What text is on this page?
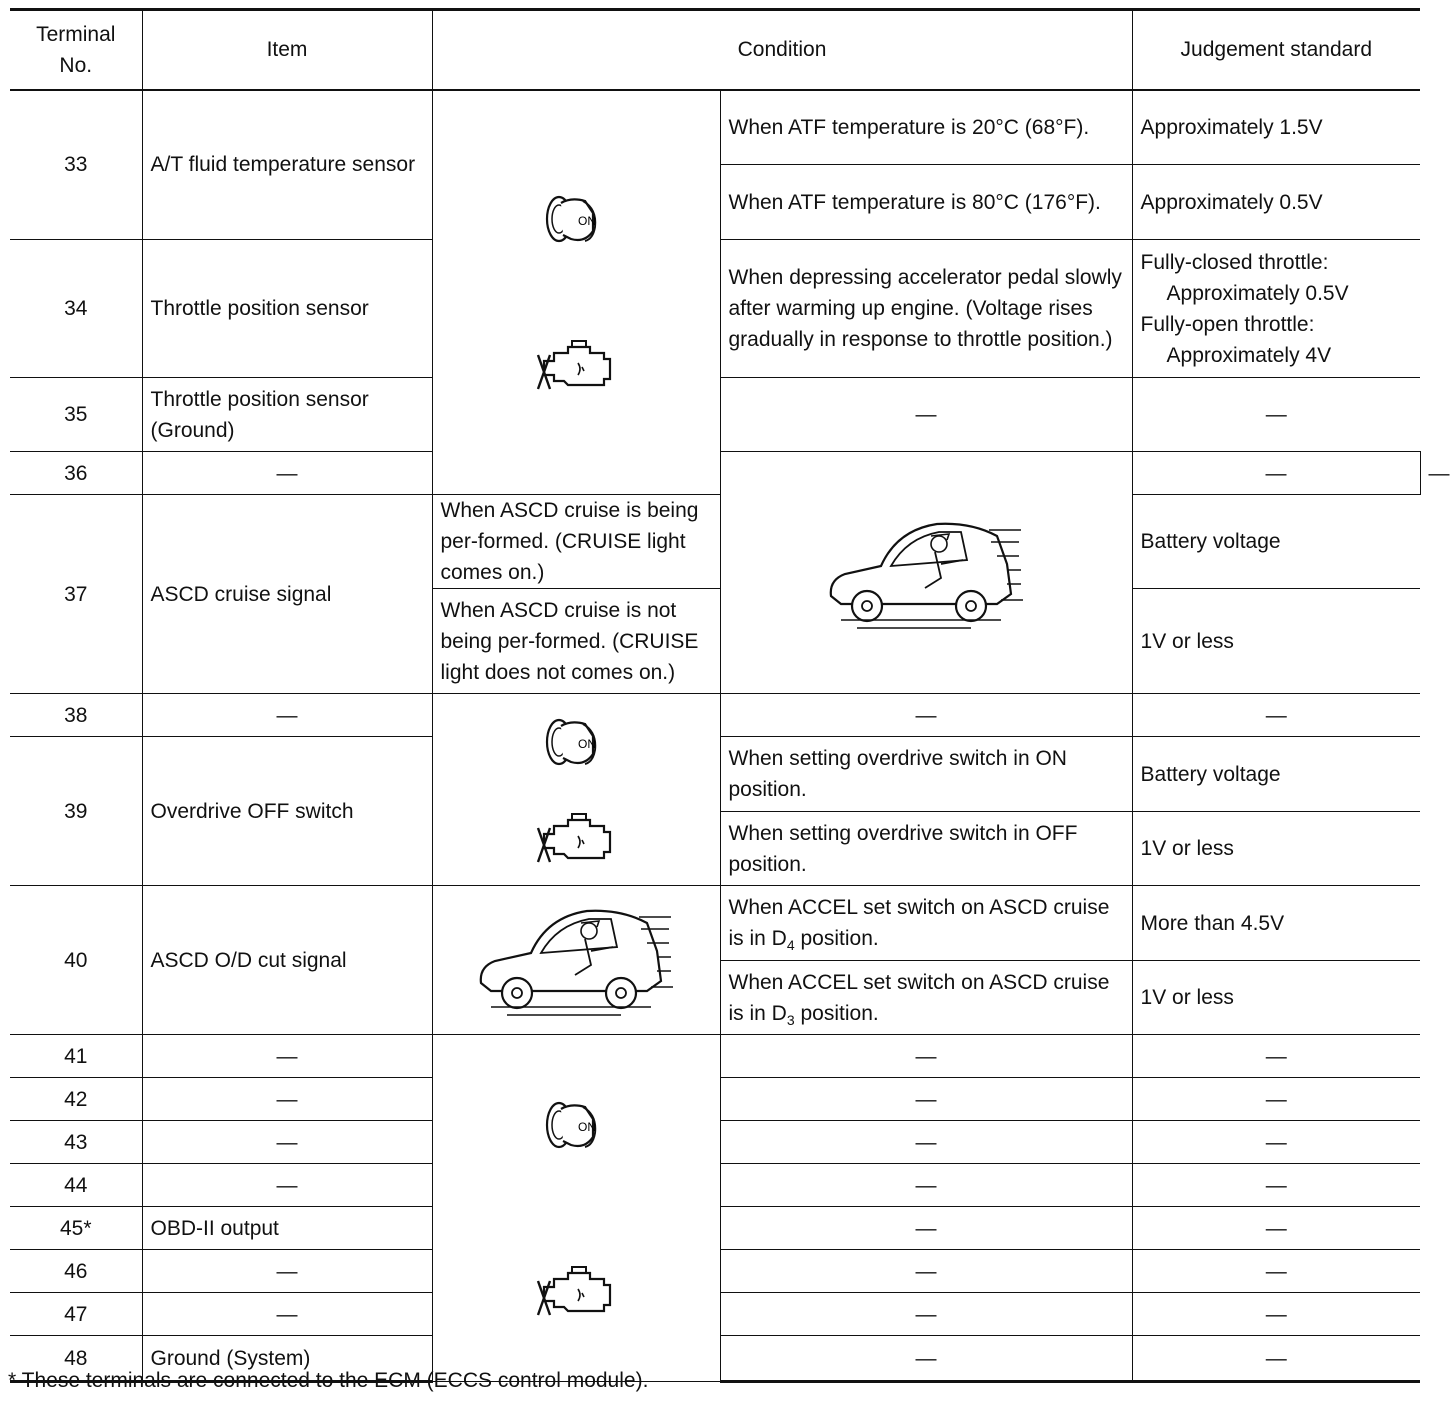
Terminal No.	Item	Condition		Judgement standard	
33	A/T fluid temperature sensor	ON	When ATF temperature is 20°C (68°F).	Approximately 1.5V	
			When ATF temperature is 80°C (176°F).	Approximately 0.5V	
34	Throttle position sensor		When depressing accelerator pedal slowly after warming up engine. (Voltage rises gradually in response to throttle position.)	Fully-closed throttle:
Approximately 0.5V
Fully-open throttle:
Approximately 4V	

35	Throttle position sensor (Ground)		—	—	
36	—			—	—
37	ASCD cruise signal	When ASCD cruise is being per-formed. (CRUISE light comes on.)		Battery voltage	
		When ASCD cruise is not being per-formed. (CRUISE light does not comes on.)		1V or less	
38	—	ON	—	—	
39	Overdrive OFF switch		When setting overdrive switch in ON position.	Battery voltage	
			When setting overdrive switch in OFF position.	1V or less	
40	ASCD O/D cut signal		When ACCEL set switch on ASCD cruise is in $D_4$ position.	More than 4.5V	
			When ACCEL set switch on ASCD cruise is in $D_3$ position.	1V or less	
41	—	ON	—	—	
42	—		—	—	
43	—		—	—	
44	—		—	—	
45*	OBD-II output		—	—	
46	—		—	—	
47	—		—	—	
48	Ground (System)		—	—	
* These terminals are connected to the ECM (ECCS control module).
